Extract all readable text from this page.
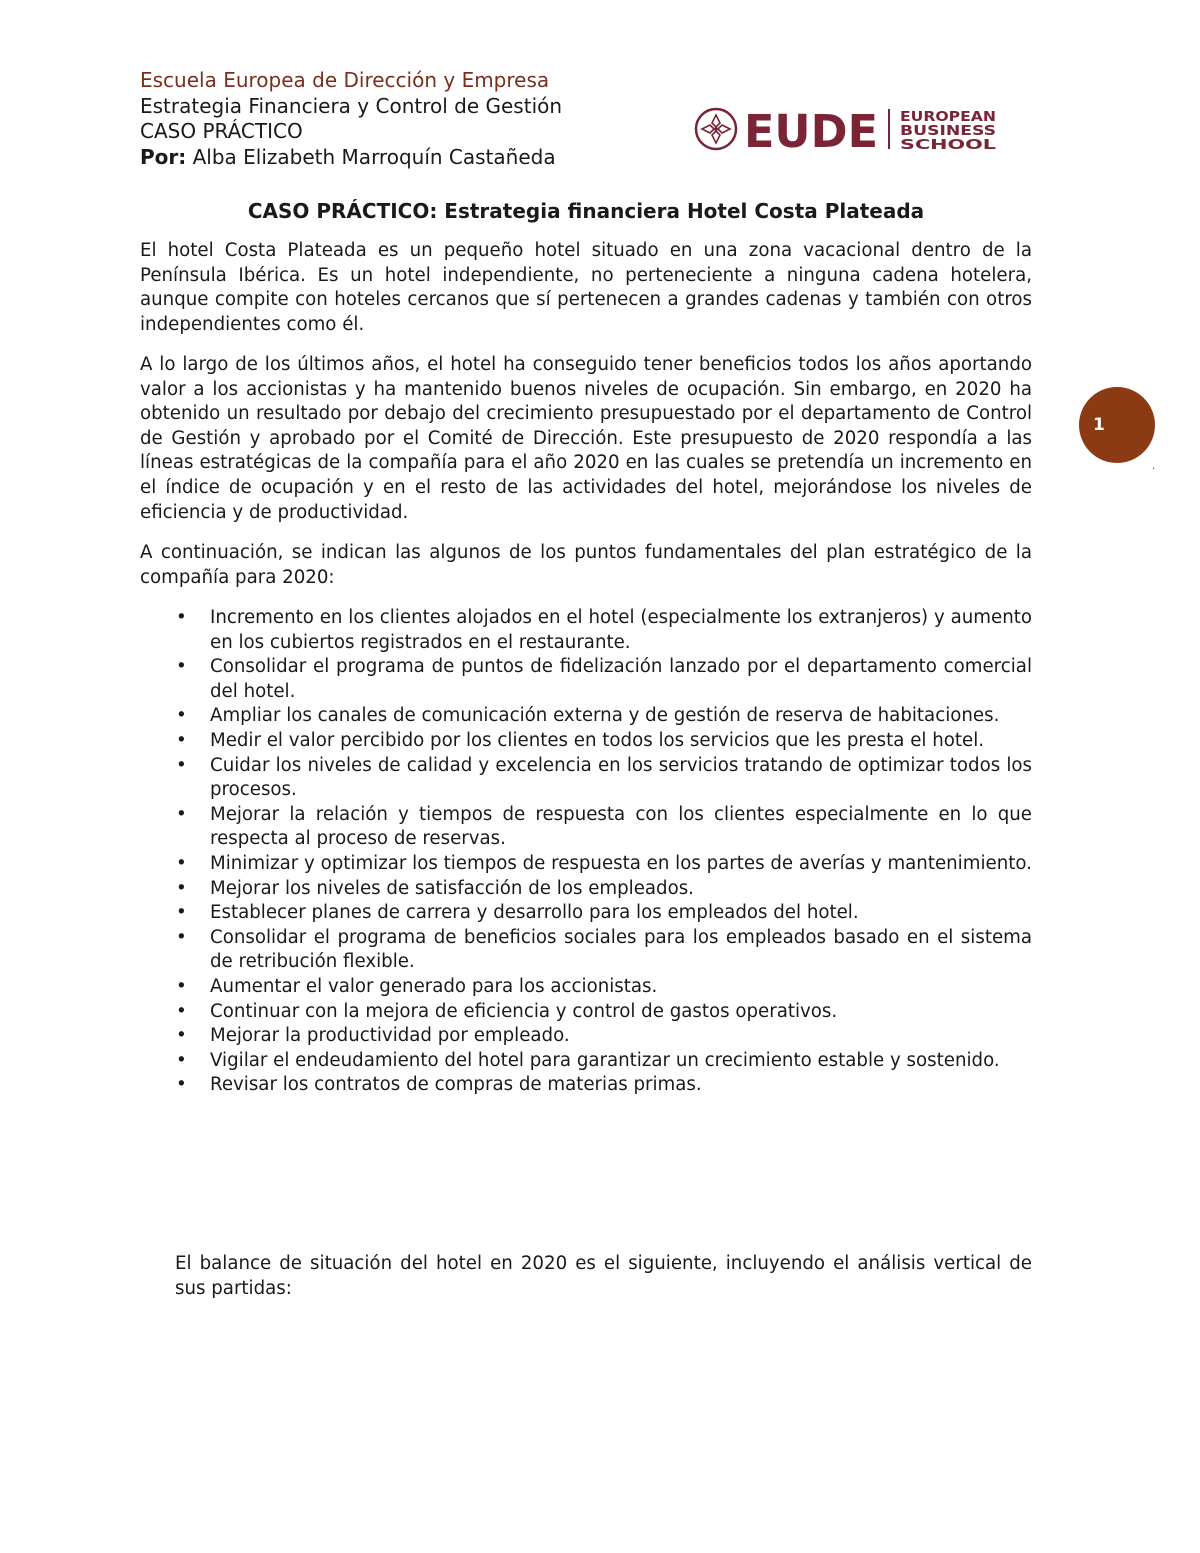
Escuela Europea de Dirección y Empresa
Estrategia Financiera y Control de Gestión
CASO PRÁCTICO
Por: Alba Elizabeth Marroquín Castañeda	EUDE EUROPEAN
BUSINESS
SCHOOL
1
.
CASO PRÁCTICO: Estrategia financiera Hotel Costa Plateada

El hotel Costa Plateada es un pequeño hotel situado en una zona vacacional dentro de la Península Ibérica. Es un hotel independiente, no perteneciente a ninguna cadena hotelera, aunque compite con hoteles cercanos que sí pertenecen a grandes cadenas y también con otros independientes como él.

A lo largo de los últimos años, el hotel ha conseguido tener beneficios todos los años aportando valor a los accionistas y ha mantenido buenos niveles de ocupación. Sin embargo, en 2020 ha obtenido un resultado por debajo del crecimiento presupuestado por el departamento de Control de Gestión y aprobado por el Comité de Dirección. Este presupuesto de 2020 respondía a las líneas estratégicas de la compañía para el año 2020 en las cuales se pretendía un incremento en el índice de ocupación y en el resto de las actividades del hotel, mejorándose los niveles de eficiencia y de productividad.

A continuación, se indican las algunos de los puntos fundamentales del plan estratégico de la compañía para 2020:

• Incremento en los clientes alojados en el hotel (especialmente los extranjeros) y aumento en los cubiertos registrados en el restaurante.
• Consolidar el programa de puntos de fidelización lanzado por el departamento comercial del hotel.
• Ampliar los canales de comunicación externa y de gestión de reserva de habitaciones.
• Medir el valor percibido por los clientes en todos los servicios que les presta el hotel.
• Cuidar los niveles de calidad y excelencia en los servicios tratando de optimizar todos los procesos.
• Mejorar la relación y tiempos de respuesta con los clientes especialmente en lo que respecta al proceso de reservas.
• Minimizar y optimizar los tiempos de respuesta en los partes de averías y mantenimiento.
• Mejorar los niveles de satisfacción de los empleados.
• Establecer planes de carrera y desarrollo para los empleados del hotel.
• Consolidar el programa de beneficios sociales para los empleados basado en el sistema de retribución flexible.
• Aumentar el valor generado para los accionistas.
• Continuar con la mejora de eficiencia y control de gastos operativos.
• Mejorar la productividad por empleado.
• Vigilar el endeudamiento del hotel para garantizar un crecimiento estable y sostenido.
• Revisar los contratos de compras de materias primas.

El balance de situación del hotel en 2020 es el siguiente, incluyendo el análisis vertical de sus partidas:
